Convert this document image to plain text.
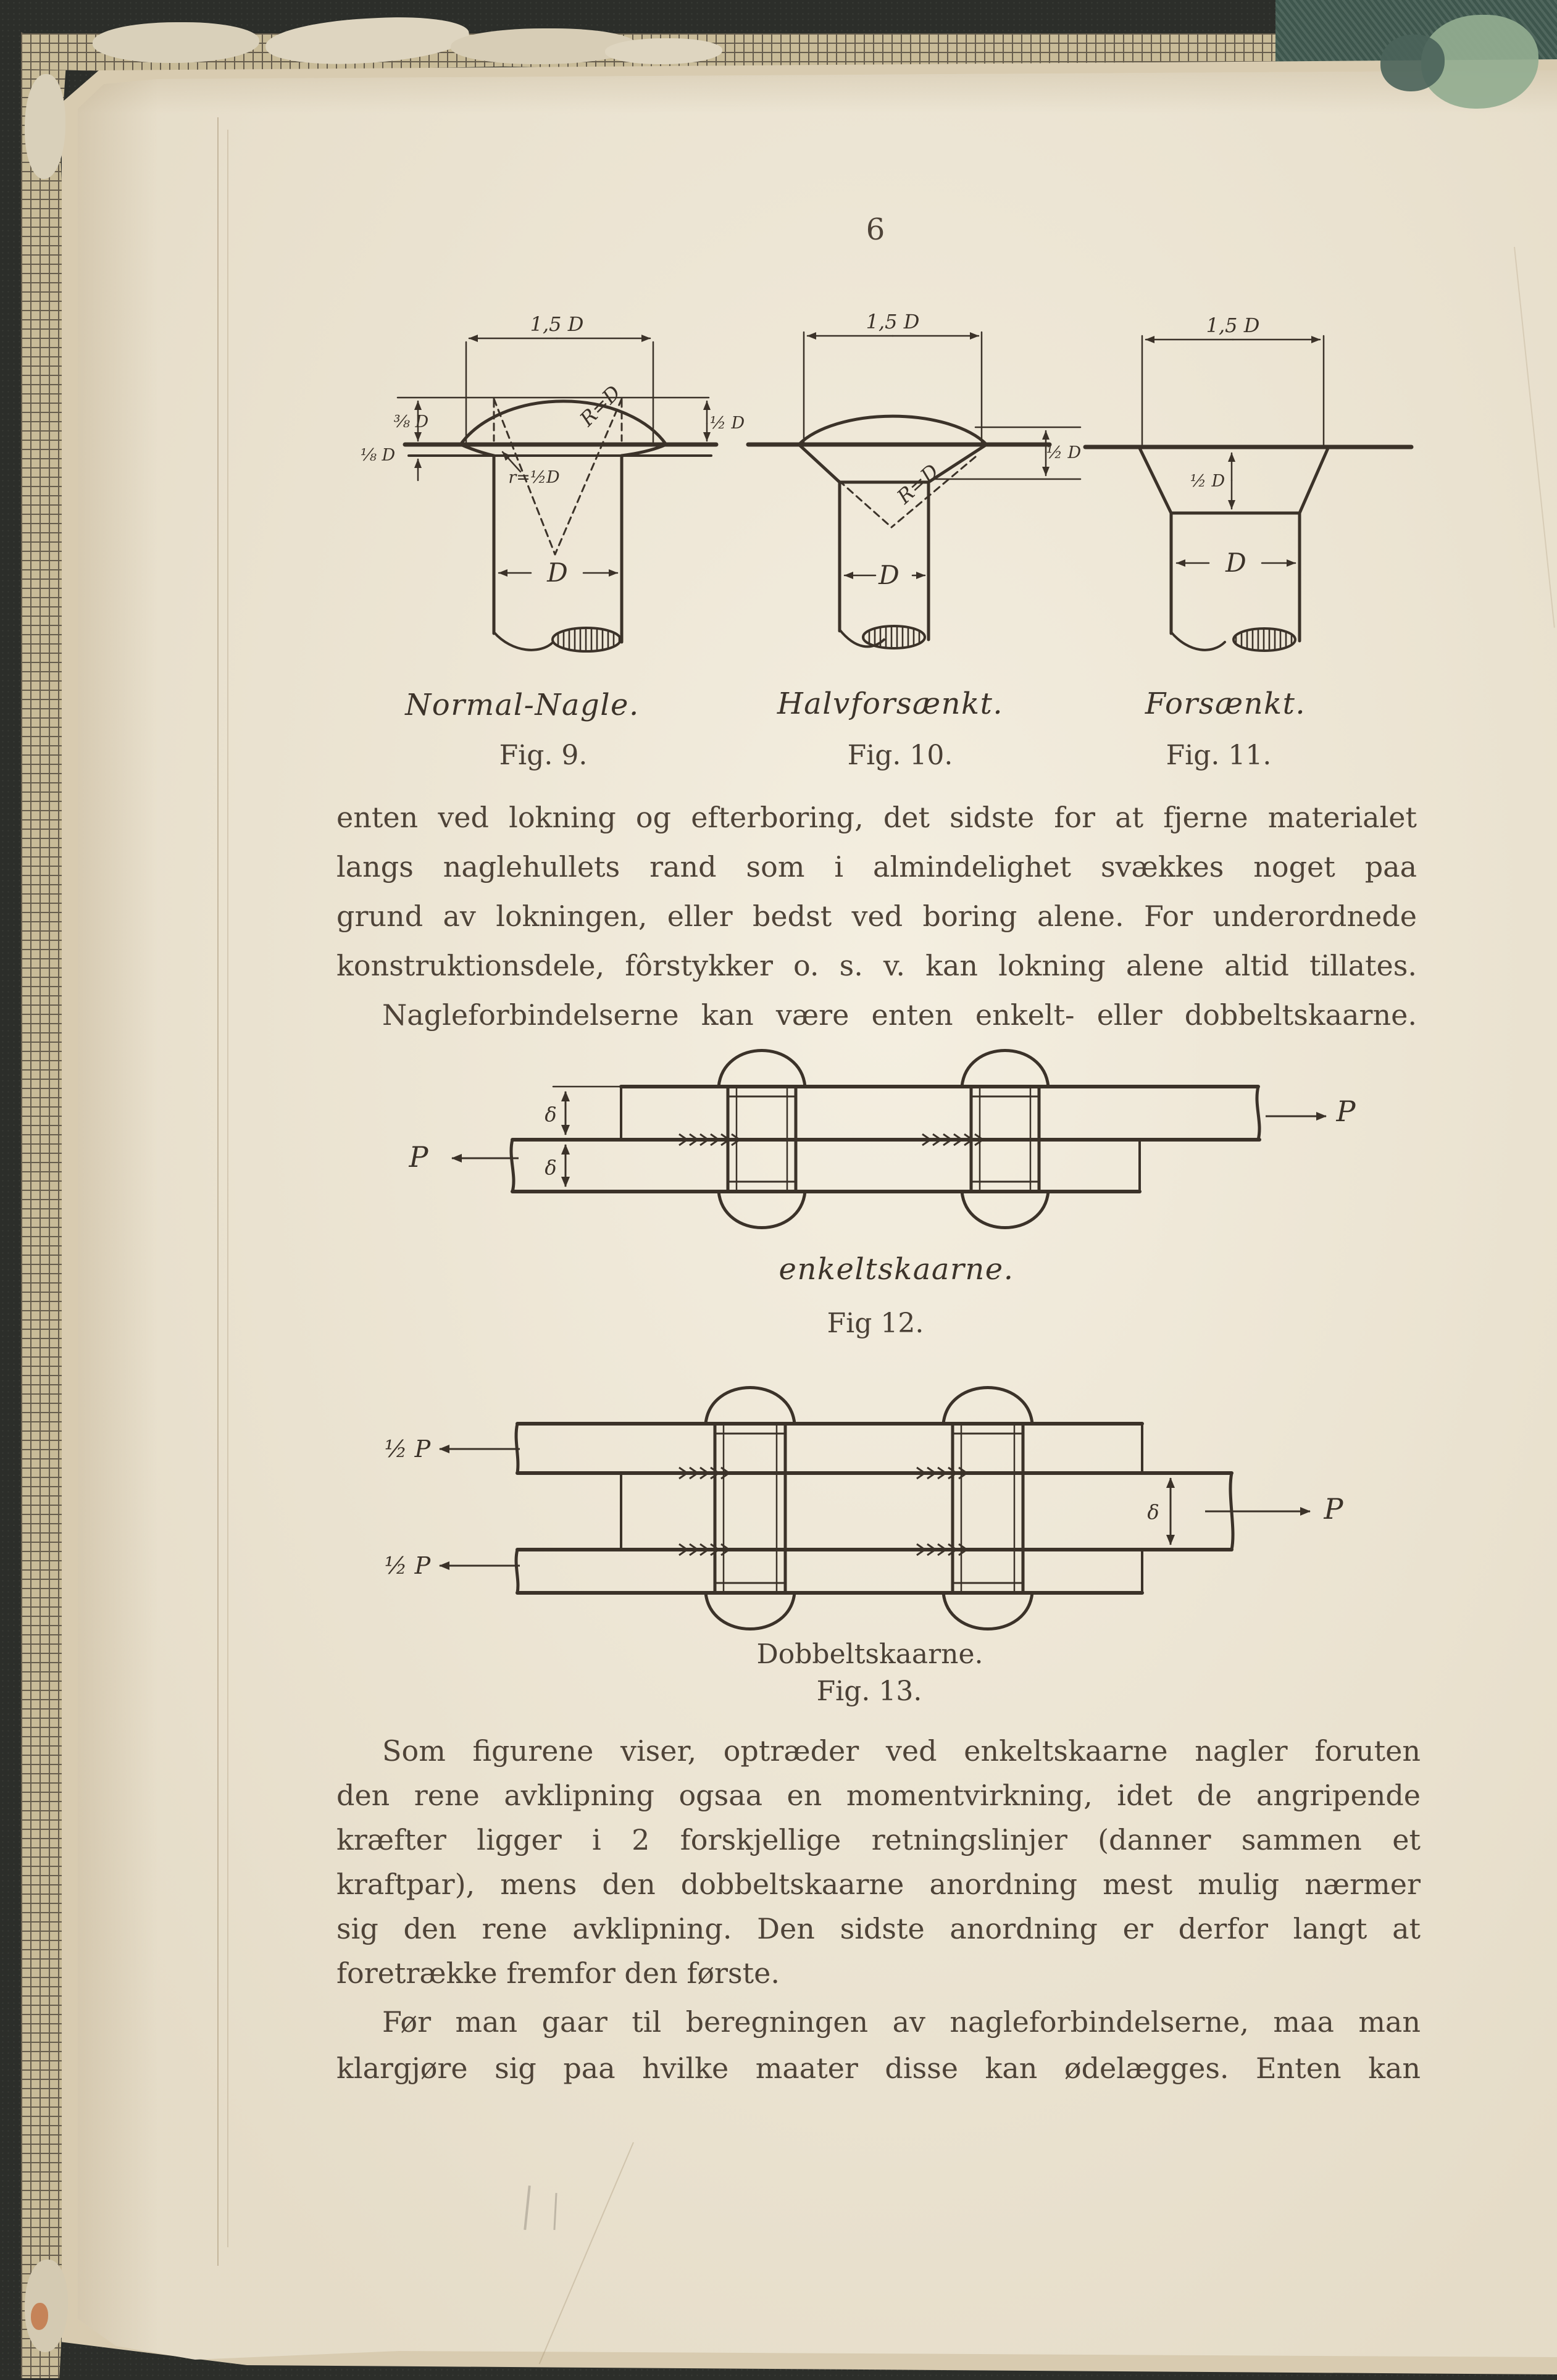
6
1,5 D
⅜ D
⅛ D
R=D
r=½D
½ D
D
1,5 D
R=D
½ D
D
1,5 D
½ D
D
Normal-Nagle.	Halvforsænkt.	Forsænkt.
Fig. 9.	Fig. 10.	Fig. 11.
enten ved lokning og efterboring, det sidste for at fjerne materialet
langs naglehullets rand som i almindelighet svækkes noget paa
grund av lokningen, eller bedst ved boring alene. For underordnede
konstruktionsdele, fôrstykker o. s. v. kan lokning alene altid tillates.
Nagleforbindelserne kan være enten enkelt- eller dobbeltskaarne.
P
P
δ
δ
enkeltskaarne.
Fig 12.
½ P
½ P
P
δ
Dobbeltskaarne.
Fig. 13.
Som figurene viser, optræder ved enkeltskaarne nagler foruten
den rene avklipning ogsaa en momentvirkning, idet de angripende
kræfter ligger i 2 forskjellige retningslinjer (danner sammen et
kraftpar), mens den dobbeltskaarne anordning mest mulig nærmer
sig den rene avklipning. Den sidste anordning er derfor langt at
foretrække fremfor den første.
Før man gaar til beregningen av nagleforbindelserne, maa man
klargjøre sig paa hvilke maater disse kan ødelægges. Enten kan
